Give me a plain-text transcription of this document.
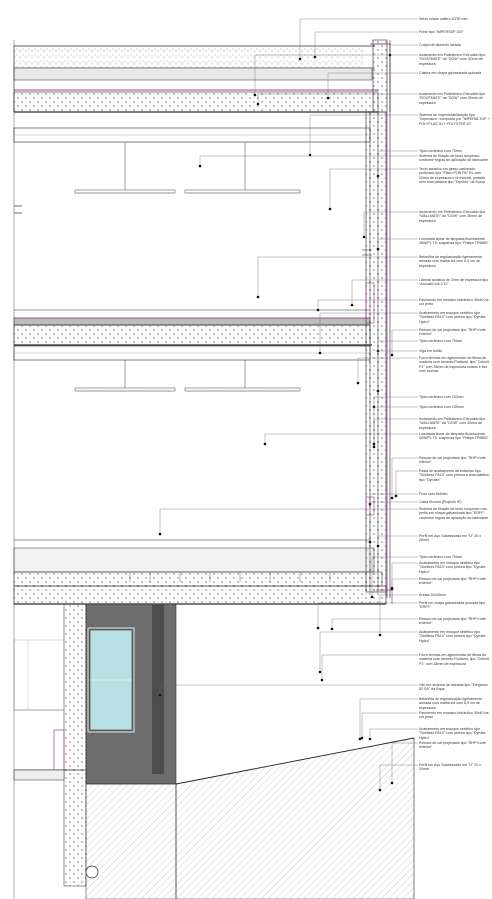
Seixo rolado calibre 20/30 mm
Filme tipo "IMPERSEP 100"
Chapa de alumínio lacada
Isolamento em Poliestireno Extrudido tipo "ROOFMATE" da "DOW" com 30mm de espessura
Caleira em chapa galvanizada quinada
Isolamento em Poliestireno Extrudido tipo "ROOFMATE" da "DOW" com 30mm de espessura
Sistema de Impermeabilização tipo "Imperalum" composta por "IMPERALTOP + POLYPLAS 30 + POLYSTER 40"
Tijolo cerâmico com 70mm
Sistema de fixação de tecto suspenso conforme regras de aplicação do fabricante
Tecto acústico em gesso cartonado perfurado tipo "Placo PON PA" RL com 12mm de espessura e lã mineral, pintado com tinta plástica tipo "Dyrutex" da Dyrup
Isolamento em Poliestireno Extrudido tipo "WALLMATE" da "DOW" com 30mm de espessura
Luminária linear de lâmpada fluorescente, 40W/PL T5, suspensa tipo "Philips TP5850"
Betonilha de regularização ligeiramente armada com malha sol com 6,5 cm de espessura
Lâmina acústica de 2mm de espessura tipo "AcoustiCork C11"
Pavimento em mosaico hidráulico 40x40 na cor preto
Acabamento em estuque sintético tipo "Sicilitexs PA10" com pintura tipo "Dyrutte Hydro"
Reboco de cal projectado tipo "RHP Korte exterior"
Tijolo cerâmico com 70mm
Viga em betão
Forra térmica em aglomerado de fibras de madeira com cimento Portland, tipo "Celenit P1" com 35mm de espessura colado e fixo com buchas
Tijolo cerâmico com 110mm
Tijolo cerâmico com 150mm
Isolamento em Poliestireno Extrudido tipo "WALLMATE" da "DOW" com 30mm de espessura
Luminária linear de lâmpada fluorescente, 40W/PL T5, suspensa tipo "Philips TP5850"
Reboco de cal projectado tipo "RHP Korte interior"
Pasta de acabamento de estanhar tipo "Sicilitexs PA10" com pintura a tinta plástica tipo "Dyrutex"
Friso com 5x5mm
Caixa técnica (Projecto IE)
Sistema de fixação de tecto suspenso com perfis em chapa galvanizada tipo "ERFF" conforme regras de aplicação do fabricante
Perfil em Aço Galvanizado em "U" 20 x 20mm
Tijolo cerâmico com 70mm
Acabamento em estuque sintético tipo "Sicilitexs PA10" com pintura tipo "Dyrutte Hydro"
Reboco de cal projectado tipo "RHP Korte exterior"
Aresta 20x10mm
Perfil em chapa galvanizada quinada tipo "ERFF"
Reboco de cal projectado tipo "RHP Korte exterior"
Acabamento em estuque sintético tipo "Sicilitexs PA10" com pintura tipo "Dyrutte Hydro"
Forra térmica em aglomerado de fibras de madeira com cimento Portland, tipo "Celenit P1" com 35mm de espessura
Vão em sistema de fachada tipo "Elegance 52 SA" da Sapa
Betonilha de regularização ligeiramente armada com malha sol com 6,5 cm de espessura
Pavimento em mosaico hidráulico 40x40 na cor preto
Acabamento em estuque sintético tipo "Sicilitexs PA10" com pintura tipo "Dyrutte Hydro"
Reboco de cal projectado tipo "RHP Korte exterior"
Perfil em Aço Galvanizado em "U" 20 x 20mm
